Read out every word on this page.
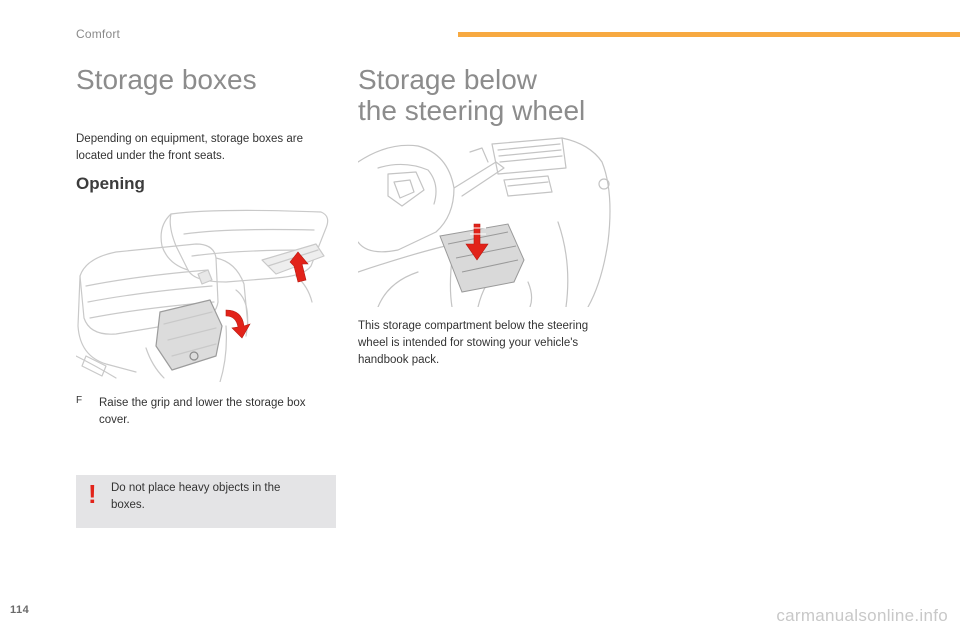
Comfort
Storage boxes

Depending on equipment, storage boxes are located under the front seats.

Opening
F Raise the grip and lower the storage box cover.

! Do not place heavy objects in the boxes.

Storage below
the steering wheel

This storage compartment below the steering wheel is intended for stowing your vehicle's handbook pack.

114	carmanualsonline.info
